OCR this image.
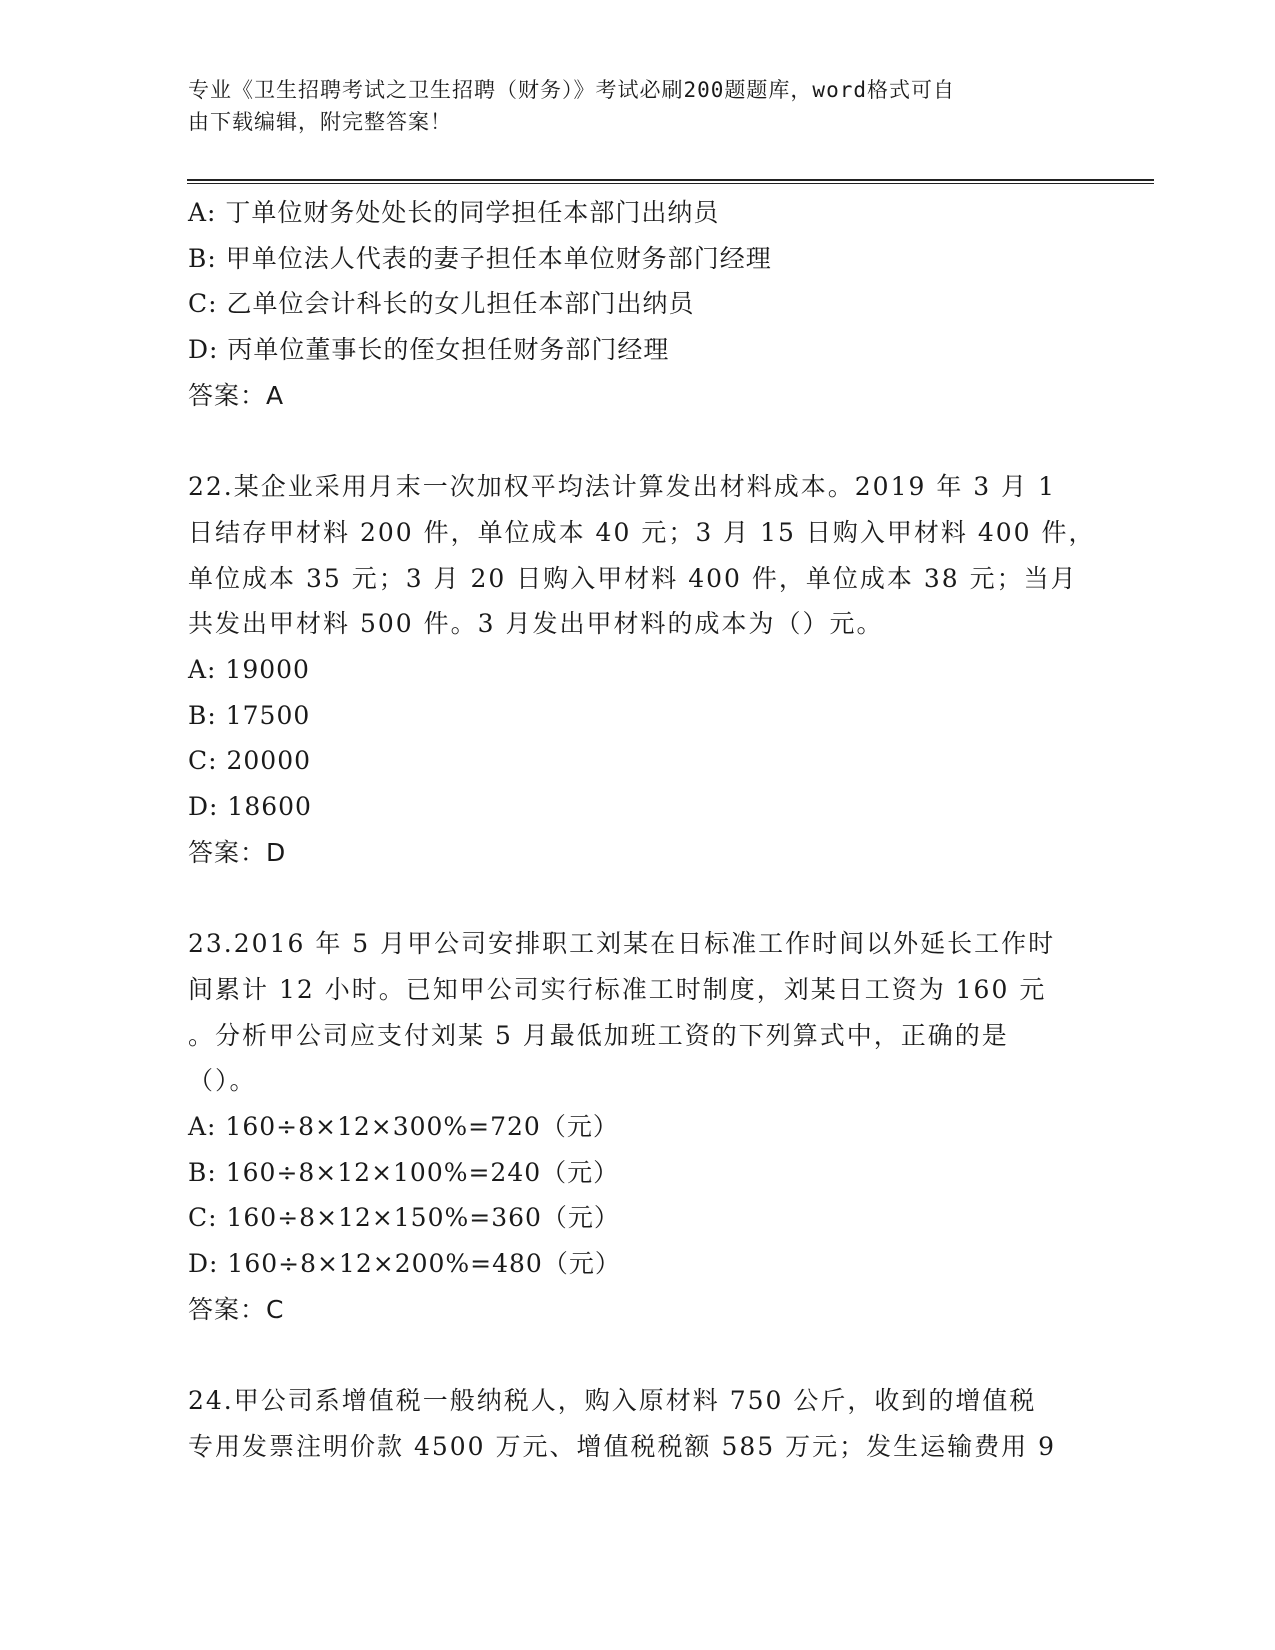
专业《卫生招聘考试之卫生招聘（财务）》考试必刷200题题库，word格式可自
由下载编辑，附完整答案！
A: 丁单位财务处处长的同学担任本部门出纳员
B: 甲单位法人代表的妻子担任本单位财务部门经理
C: 乙单位会计科长的女儿担任本部门出纳员
D: 丙单位董事长的侄女担任财务部门经理
答案：A
22.某企业采用月末一次加权平均法计算发出材料成本。2019 年 3 月 1
日结存甲材料 200 件，单位成本 40 元；3 月 15 日购入甲材料 400 件，
单位成本 35 元；3 月 20 日购入甲材料 400 件，单位成本 38 元；当月
共发出甲材料 500 件。3 月发出甲材料的成本为（）元。
A: 19000
B: 17500
C: 20000
D: 18600
答案：D
23.2016 年 5 月甲公司安排职工刘某在日标准工作时间以外延长工作时
间累计 12 小时。已知甲公司实行标准工时制度，刘某日工资为 160 元
。分析甲公司应支付刘某 5 月最低加班工资的下列算式中，正确的是
（）。
A: 160÷8×12×300%=720（元）
B: 160÷8×12×100%=240（元）
C: 160÷8×12×150%=360（元）
D: 160÷8×12×200%=480（元）
答案：C
24.甲公司系增值税一般纳税人，购入原材料 750 公斤，收到的增值税
专用发票注明价款 4500 万元、增值税税额 585 万元；发生运输费用 9
